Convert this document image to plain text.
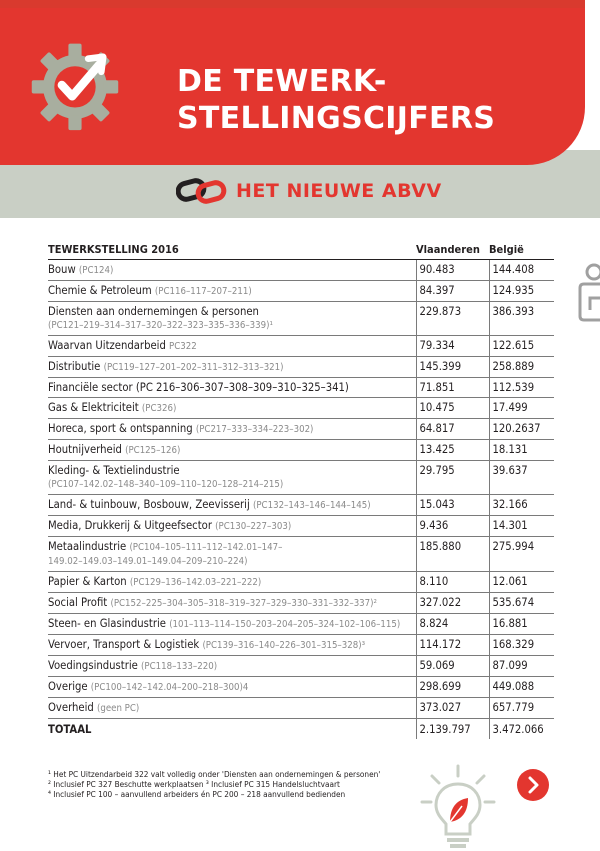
DE TEWERK-
STELLINGSCIJFERS
HET NIEUWE ABVV
TEWERKSTELLING 2016	Vlaanderen	België
Bouw (PC124)	90.483	144.408
Chemie & Petroleum (PC116–117–207–211)	84.397	124.935
Diensten aan ondernemingen & personen
(PC121–219–314–317–320–322–323–335–336–339)¹	229.873	386.393
Waarvan Uitzendarbeid PC322	79.334	122.615
Distributie (PC119–127–201–202–311–312–313–321)	145.399	258.889
Financiële sector (PC 216–306–307–308–309–310–325–341)	71.851	112.539
Gas & Elektriciteit (PC326)	10.475	17.499
Horeca, sport & ontspanning (PC217–333–334–223–302)	64.817	120.2637
Houtnijverheid (PC125–126)	13.425	18.131
Kleding- & Textielindustrie
(PC107–142.02–148–340–109–110–120–128–214–215)	29.795	39.637
Land- & tuinbouw, Bosbouw, Zeevisserij (PC132–143–146–144–145)	15.043	32.166
Media, Drukkerij & Uitgeefsector (PC130–227–303)	9.436	14.301
Metaalindustrie (PC104–105–111–112–142.01–147–
149.02–149.03–149.01–149.04–209–210–224)	185.880	275.994
Papier & Karton (PC129–136–142.03–221–222)	8.110	12.061
Social Profit (PC152–225–304–305–318–319–327–329–330–331–332–337)²	327.022	535.674
Steen- en Glasindustrie (101–113–114–150–203–204–205–324–102–106–115)	8.824	16.881
Vervoer, Transport & Logistiek (PC139–316–140–226–301–315–328)³	114.172	168.329
Voedingsindustrie (PC118–133–220)	59.069	87.099
Overige (PC100–142–142.04–200–218–300)4	298.699	449.088
Overheid (geen PC)	373.027	657.779
TOTAAL	2.139.797	3.472.066
¹ Het PC Uitzendarbeid 322 valt volledig onder 'Diensten aan ondernemingen & personen'
² Inclusief PC 327 Beschutte werkplaatsen ³ Inclusief PC 315 Handelsluchtvaart
⁴ Inclusief PC 100 – aanvullend arbeiders én PC 200 – 218 aanvullend bedienden
